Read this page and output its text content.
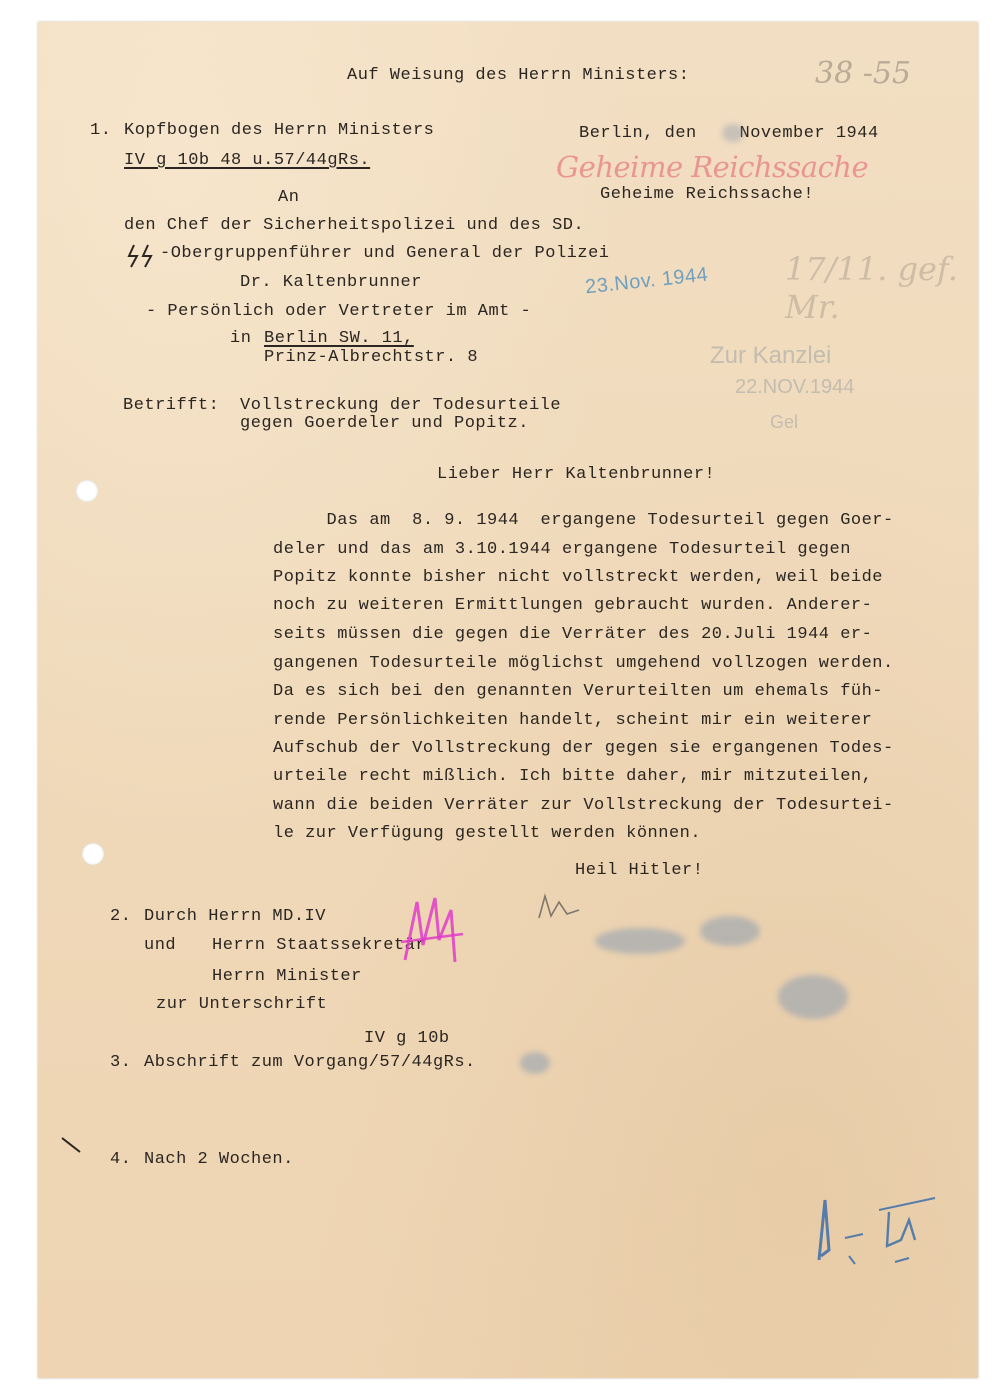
Auf Weisung des Herrn Ministers:	38 -55
1. Kopfbogen des Herrn Ministers
IV g 10b 48 u.57/44gRs.
Berlin, den    November 1944
Geheime Reichssache
Geheime Reichssache!
An
den Chef der Sicherheitspolizei und des SD.
-Obergruppenführer und General der Polizei
Dr. Kaltenbrunner
- Persönlich oder Vertreter im Amt -
in Berlin SW. 11,
Prinz-Albrechtstr. 8
23.Nov. 1944 17/11. gef. Mr.
Zur Kanzlei
22.NOV.1944
Gel
Betrifft: Vollstreckung der Todesurteile
gegen Goerdeler und Popitz.
Lieber Herr Kaltenbrunner!
Das am  8. 9. 1944  ergangene Todesurteil gegen Goer-
deler und das am 3.10.1944 ergangene Todesurteil gegen
Popitz konnte bisher nicht vollstreckt werden, weil beide
noch zu weiteren Ermittlungen gebraucht wurden. Anderer-
seits müssen die gegen die Verräter des 20.Juli 1944 er-
gangenen Todesurteile möglichst umgehend vollzogen werden.
Da es sich bei den genannten Verurteilten um ehemals füh-
rende Persönlichkeiten handelt, scheint mir ein weiterer
Aufschub der Vollstreckung der gegen sie ergangenen Todes-
urteile recht mißlich. Ich bitte daher, mir mitzuteilen,
wann die beiden Verräter zur Vollstreckung der Todesurtei-
le zur Verfügung gestellt werden können.
Heil Hitler!
2. Durch Herrn MD.IV
und Herrn Staatssekretär
Herrn Minister
zur Unterschrift
IV g 10b
3. Abschrift zum Vorgang/57/44gRs.
4. Nach 2 Wochen.
